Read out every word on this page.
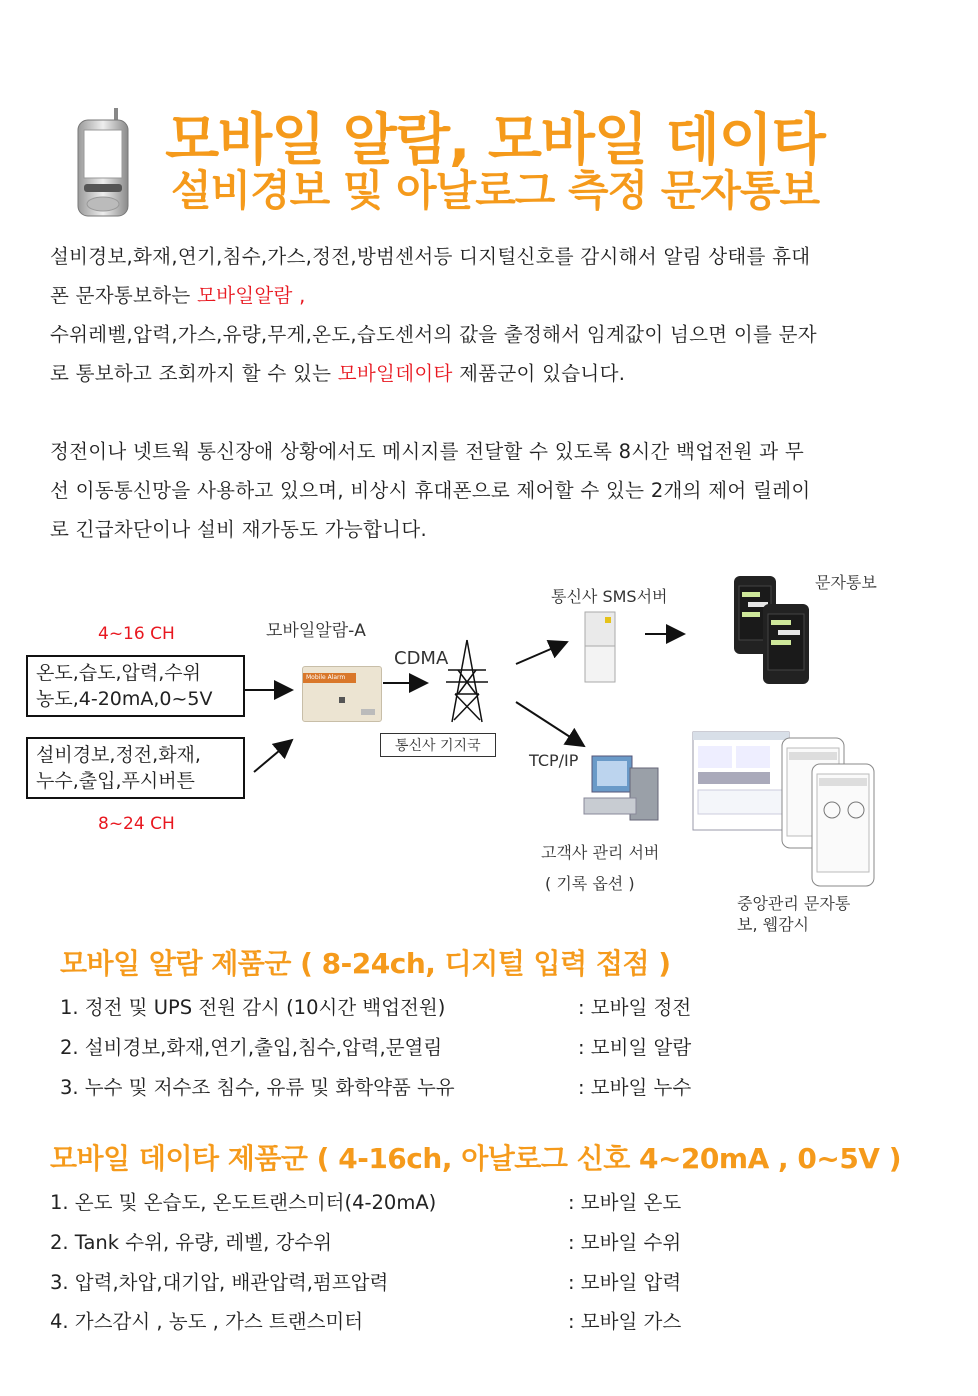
모바일 알람, 모바일 데이타
설비경보 및 아날로그 측정 문자통보
설비경보,화재,연기,침수,가스,정전,방범센서등 디지털신호를 감시해서 알림 상태를 휴대
폰 문자통보하는 모바일알람 ,
수위레벨,압력,가스,유량,무게,온도,습도센서의 값을 출정해서 임계값이 넘으면 이를 문자
로 통보하고 조회까지 할 수 있는 모바일데이타 제품군이 있습니다.
정전이나 넷트웍 통신장애 상황에서도 메시지를 전달할 수 있도록 8시간 백업전원 과 무
선 이동통신망을 사용하고 있으며, 비상시 휴대폰으로 제어할 수 있는 2개의 제어 릴레이
로 긴급차단이나 설비 재가동도 가능합니다.
4~16 CH
온도,습도,압력,수위
농도,4-20mA,0~5V
설비경보,정전,화재,
누수,출입,푸시버튼
8~24 CH
모바일알람-A
Mobile Alarm
CDMA
통신사 기지국
통신사 SMS서버
문자통보
TCP/IP
고객사 관리 서버
( 기록 옵션 )
중앙관리 문자통
보, 웹감시
모바일 알람 제품군 ( 8-24ch, 디지털 입력 접점 )
1. 정전 및 UPS 전원 감시 (10시간 백업전원)	: 모바일 정전
2. 설비경보,화재,연기,출입,침수,압력,문열림	: 모비일 알람
3. 누수 및 저수조 침수, 유류 및 화학약품 누유	: 모바일 누수
모바일 데이타 제품군 ( 4-16ch, 아날로그 신호 4~20mA , 0~5V )
1. 온도 및 온습도, 온도트랜스미터(4-20mA)	: 모바일 온도
2. Tank 수위, 유량, 레벨, 강수위	: 모바일 수위
3. 압력,차압,대기압, 배관압력,펌프압력	: 모바일 압력
4. 가스감시 , 농도 , 가스 트랜스미터	: 모바일 가스
